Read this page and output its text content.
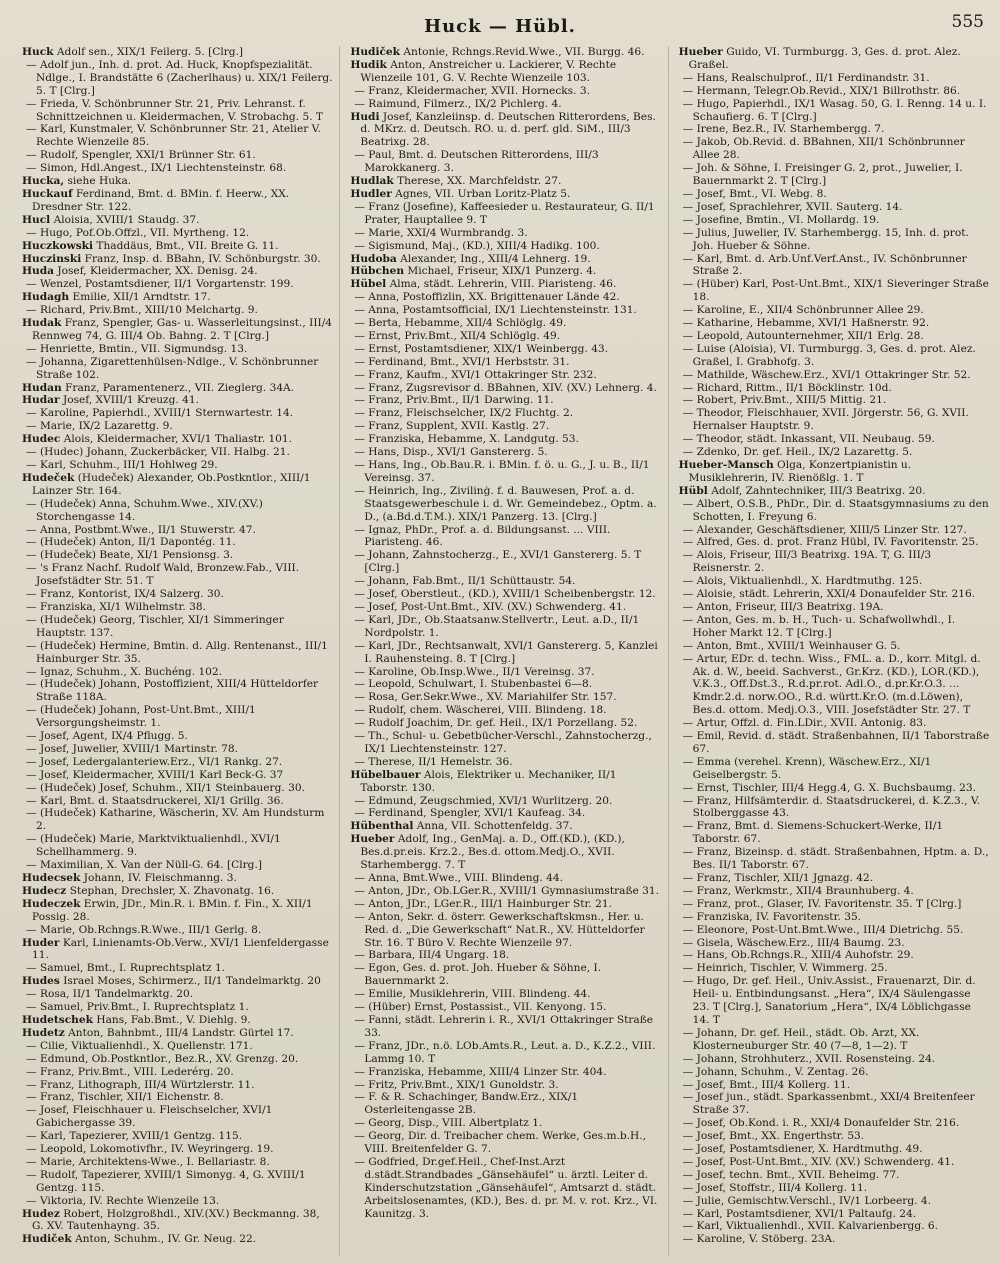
Huck — Hübl.	555

Huck Adolf sen., XIX/1 Feilerg. 5. [Clrg.]

— Adolf jun., Inh. d. prot. Ad. Huck, Knopfspezialität. Ndlge., I. Brandstätte 6 (Zacherlhaus) u. XIX/1 Feilerg. 5. T [Clrg.]

— Frieda, V. Schönbrunner Str. 21, Priv. Lehranst. f. Schnittzeichnen u. Kleidermachen, V. Strobachg. 5. T

— Karl, Kunstmaler, V. Schönbrunner Str. 21, Atelier V. Rechte Wienzeile 85.

— Rudolf, Spengler, XXI/1 Brünner Str. 61.

— Simon, Hdl.Angest., IX/1 Liechtensteinstr. 68.

Hucka, siehe Huka.

Huckauf Ferdinand, Bmt. d. BMin. f. Heerw., XX. Dresdner Str. 122.

Hucl Aloisia, XVIII/1 Staudg. 37.

— Hugo, Pof.Ob.Offzl., VII. Myrtheng. 12.

Huczkowski Thaddäus, Bmt., VII. Breite G. 11.

Huczinski Franz, Insp. d. BBahn, IV. Schönburgstr. 30.

Huda Josef, Kleidermacher, XX. Denisg. 24.

— Wenzel, Postamtsdiener, II/1 Vorgartenstr. 199.

Hudagh Emilie, XII/1 Arndtstr. 17.

— Richard, Priv.Bmt., XIII/10 Melchartg. 9.

Hudak Franz, Spengler, Gas- u. Wasserleitungsinst., III/4 Rennweg 74, G. III/4 Ob. Bahng. 2. T [Clrg.]

— Henriette, Bmtin., VII. Sigmundsg. 13.

— Johanna, Zigarettenhülsen-Ndlge., V. Schönbrunner Straße 102.

Hudan Franz, Paramentenerz., VII. Zieglerg. 34A.

Hudar Josef, XVIII/1 Kreuzg. 41.

— Karoline, Papierhdl., XVIII/1 Sternwartestr. 14.

— Marie, IX/2 Lazarettg. 9.

Hudec Alois, Kleidermacher, XVI/1 Thaliastr. 101.

— (Hudec) Johann, Zuckerbäcker, VII. Halbg. 21.

— Karl, Schuhm., III/1 Hohlweg 29.

Hudeček (Hudeček) Alexander, Ob.Postkntlor., XIII/1 Lainzer Str. 164.

— (Hudeček) Anna, Schuhm.Wwe., XIV.(XV.) Storchengasse 14.

— Anna, Postbmt.Wwe., II/1 Stuwerstr. 47.

— (Hudeček) Anton, II/1 Dapontég. 11.

— (Hudeček) Beate, XI/1 Pensionsg. 3.

— 's Franz Nachf. Rudolf Wald, Bronzew.Fab., VIII. Josefstädter Str. 51. T

— Franz, Kontorist, IX/4 Salzerg. 30.

— Franziska, XI/1 Wilhelmstr. 38.

— (Hudeček) Georg, Tischler, XI/1 Simmeringer Hauptstr. 137.

— (Hudeček) Hermine, Bmtin. d. Allg. Rentenanst., III/1 Hainburger Str. 35.

— Ignaz, Schuhm., X. Buchéng. 102.

— (Hudeček) Johann, Postoffizient, XIII/4 Hütteldorfer Straße 118A.

— (Hudeček) Johann, Post-Unt.Bmt., XIII/1 Versorgungsheimstr. 1.

— Josef, Agent, IX/4 Pflugg. 5.

— Josef, Juwelier, XVIII/1 Martinstr. 78.

— Josef, Ledergalanteriew.Erz., VI/1 Rankg. 27.

— Josef, Kleidermacher, XVIII/1 Karl Beck-G. 37

— (Hudeček) Josef, Schuhm., XII/1 Steinbauerg. 30.

— Karl, Bmt. d. Staatsdruckerei, XI/1 Grillg. 36.

— (Hudeček) Katharine, Wäscherin, XV. Am Hundsturm 2.

— (Hudeček) Marie, Marktviktualienhdl., XVI/1 Schellhammerg. 9.

— Maximilian, X. Van der Nüll-G. 64. [Clrg.]

Hudecsek Johann, IV. Fleischmanng. 3.

Hudecz Stephan, Drechsler, X. Zhavonatg. 16.

Hudeczek Erwin, JDr., Min.R. i. BMin. f. Fin., X. XII/1 Possig. 28.

— Marie, Ob.Rchngs.R.Wwe., III/1 Gerlg. 8.

Huder Karl, Linienamts-Ob.Verw., XVI/1 Lienfeldergasse 11.

— Samuel, Bmt., I. Ruprechtsplatz 1.

Hudes Israel Moses, Schirmerz., II/1 Tandelmarktg. 20

— Rosa, II/1 Tandelmarktg. 20.

— Samuel, Priv.Bmt., I. Ruprechtsplatz 1.

Hudetschek Hans, Fab.Bmt., V. Diehlg. 9.

Hudetz Anton, Bahnbmt., III/4 Landstr. Gürtel 17.

— Cilie, Viktualienhdl., X. Quellenstr. 171.

— Edmund, Ob.Postkntlor., Bez.R., XV. Grenzg. 20.

— Franz, Priv.Bmt., VIII. Lederérg. 20.

— Franz, Lithograph, III/4 Würtzlerstr. 11.

— Franz, Tischler, XII/1 Eichenstr. 8.

— Josef, Fleischhauer u. Fleischselcher, XVI/1 Gabichergasse 39.

— Karl, Tapezierer, XVIII/1 Gentzg. 115.

— Leopold, Lokomotivfhr., IV. Weyringerg. 19.

— Marie, Architektens-Wwe., I. Bellariastr. 8.

— Rudolf, Tapezierer, XVIII/1 Simonyg. 4, G. XVIII/1 Gentzg. 115.

— Viktoria, IV. Rechte Wienzeile 13.

Hudez Robert, Holzgroßhdl., XIV.(XV.) Beckmanng. 38, G. XV. Tautenhayng. 35.

Hudiček Anton, Schuhm., IV. Gr. Neug. 22.

Hudiček Antonie, Rchngs.Revid.Wwe., VII. Burgg. 46.

Hudik Anton, Anstreicher u. Lackierer, V. Rechte Wienzeile 101, G. V. Rechte Wienzeile 103.

— Franz, Kleidermacher, XVII. Hornecks. 3.

— Raimund, Filmerz., IX/2 Pichlerg. 4.

Hudi Josef, Kanzleiinsp. d. Deutschen Ritterordens, Bes. d. MKrz. d. Deutsch. RO. u. d. perf. gld. SiM., III/3 Beatrixg. 28.

— Paul, Bmt. d. Deutschen Ritterordens, III/3 Marokkanerg. 3.

Hudlak Therese, XX. Marchfeldstr. 27.

Hudler Agnes, VII. Urban Loritz-Platz 5.

— Franz (Josefine), Kaffeesieder u. Restaurateur, G. II/1 Prater, Hauptallee 9. T

— Marie, XXI/4 Wurmbrandg. 3.

— Sigismund, Maj., (KD.), XIII/4 Hadikg. 100.

Hudoba Alexander, Ing., XIII/4 Lehnerg. 19.

Hübchen Michael, Friseur, XIX/1 Punzerg. 4.

Hübel Alma, städt. Lehrerin, VIII. Piaristeng. 46.

— Anna, Postoffizlin, XX. Brigittenauer Lände 42.

— Anna, Postamtsofficial, IX/1 Liechtensteinstr. 131.

— Berta, Hebamme, XII/4 Schlöglg. 49.

— Ernst, Priv.Bmt., XII/4 Schlöglg. 49.

— Ernst, Postamtsdiener, XIX/1 Weinbergg. 43.

— Ferdinand, Bmt., XVI/1 Herbststr. 31.

— Franz, Kaufm., XVI/1 Ottakringer Str. 232.

— Franz, Zugsrevisor d. BBahnen, XIV. (XV.) Lehnerg. 4.

— Franz, Priv.Bmt., II/1 Darwing. 11.

— Franz, Fleischselcher, IX/2 Fluchtg. 2.

— Franz, Supplent, XVII. Kastlg. 27.

— Franziska, Hebamme, X. Landgutg. 53.

— Hans, Disp., XVI/1 Ganstererg. 5.

— Hans, Ing., Ob.Bau.R. i. BMin. f. ö. u. G., J. u. B., II/1 Vereinsg. 37.

— Heinrich, Ing., Zivilinġ. f. d. Bauwesen, Prof. a. d. Staatsgewerbeschule i. d. Wr. Gemeindebez., Optm. a. D., (a.Bd.d.T.M.). XIX/1 Panzerg. 13. [Clrg.]

— Ignaz, PhDr., Prof. a. d. Bildungsanst. ... VIII. Piaristeng. 46.

— Johann, Zahnstocherzg., E., XVI/1 Ganstererg. 5. T [Clrg.]

— Johann, Fab.Bmt., II/1 Schüttaustr. 54.

— Josef, Oberstleut., (KD.), XVIII/1 Scheibenbergstr. 12.

— Josef, Post-Unt.Bmt., XIV. (XV.) Schwenderg. 41.

— Karl, JDr., Ob.Staatsanw.Stellvertr., Leut. a.D., II/1 Nordpolstr. 1.

— Karl, JDr., Rechtsanwalt, XVI/1 Ganstererg. 5, Kanzlei I. Rauhensteing. 8. T [Clrg.]

— Karoline, Ob.Insp.Wwe., II/1 Vereinsg. 37.

— Leopold, Schulwart, I. Stubenbastei 6—8.

— Rosa, Ger.Sekr.Wwe., XV. Mariahilfer Str. 157.

— Rudolf, chem. Wäscherei, VIII. Blindeng. 18.

— Rudolf Joachim, Dr. gef. Heil., IX/1 Porzellang. 52.

— Th., Schul- u. Gebetbücher-Verschl., Zahnstocherzg., IX/1 Liechtensteinstr. 127.

— Therese, II/1 Hemelstr. 36.

Hübelbauer Alois, Elektriker u. Mechaniker, II/1 Taborstr. 130.

— Edmund, Zeugschmied, XVI/1 Wurlitzerg. 20.

— Ferdinand, Spengler, XVI/1 Kaufeag. 34.

Hübenthal Anna, VII. Schottenfeldg. 37.

Hueber Adolf, Ing., GenMaj. a. D., Off.(KD.), (KD.), Bes.d.pr.eis. Krz.2., Bes.d. ottom.Medj.O., XVII. Starhembergg. 7. T

— Anna, Bmt.Wwe., VIII. Blindeng. 44.

— Anton, JDr., Ob.LGer.R., XVIII/1 Gymnasiumstraße 31.

— Anton, JDr., LGer.R., III/1 Hainburger Str. 21.

— Anton, Sekr. d. österr. Gewerkschaftskmsn., Her. u. Red. d. „Die Gewerkschaft“ Nat.R., XV. Hütteldorfer Str. 16. T Büro V. Rechte Wienzeile 97.

— Barbara, III/4 Ungarg. 18.

— Egon, Ges. d. prot. Joh. Hueber & Söhne, I. Bauernmarkt 2.

— Emilie, Musiklehrerin, VIII. Blindeng. 44.

— (Hüber) Ernst, Postassist., VII. Kenyong. 15.

— Fanni, städt. Lehrerin i. R., XVI/1 Ottakringer Straße 33.

— Franz, JDr., n.ö. LOb.Amts.R., Leut. a. D., K.Z.2., VIII. Lammg 10. T

— Franziska, Hebamme, XIII/4 Linzer Str. 404.

— Fritz, Priv.Bmt., XIX/1 Gunoldstr. 3.

— F. & R. Schachinger, Bandw.Erz., XIX/1 Osterleitengasse 2B.

— Georg, Disp., VIII. Albertplatz 1.

— Georg, Dir. d. Treibacher chem. Werke, Ges.m.b.H., VIII. Breitenfelder G. 7.

— Godfried, Dr.gef.Heil., Chef-Inst.Arzt d.städt.Strandbades „Gänsehäufel“ u. ärztl. Leiter d. Kinderschutzstation „Gänsehäufel“, Amtsarzt d. städt. Arbeitslosenamtes, (KD.), Bes. d. pr. M. v. rot. Krz., VI. Kaunitzg. 3.

Hueber Guido, VI. Turmburgg. 3, Ges. d. prot. Alez. Graßel.

— Hans, Realschulprof., II/1 Ferdinandstr. 31.

— Hermann, Telegr.Ob.Revid., XIX/1 Billrothstr. 86.

— Hugo, Papierhdl., IX/1 Wasag. 50, G. I. Renng. 14 u. I. Schaufierg. 6. T [Clrg.]

— Irene, Bez.R., IV. Starhembergg. 7.

— Jakob, Ob.Revid. d. BBahnen, XII/1 Schönbrunner Allee 28.

— Joh. & Söhne, I. Freisinger G. 2, prot., Juwelier, I. Bauernmarkt 2. T [Clrg.]

— Josef, Bmt., VI. Webg. 8.

— Josef, Sprachlehrer, XVII. Sauterg. 14.

— Josefine, Bmtin., VI. Mollardg. 19.

— Julius, Juwelier, IV. Starhembergg. 15, Inh. d. prot. Joh. Hueber & Söhne.

— Karl, Bmt. d. Arb.Unf.Verf.Anst., IV. Schönbrunner Straße 2.

— (Hüber) Karl, Post-Unt.Bmt., XIX/1 Sieveringer Straße 18.

— Karoline, E., XII/4 Schönbrunner Allee 29.

— Katharine, Hebamme, XVI/1 Haßnerstr. 92.

— Leopold, Autounternehmer, XII/1 Erlg. 28.

— Luise (Aloisia), VI. Turmburgg. 3, Ges. d. prot. Alez. Graßel, I. Grabhofg. 3.

— Mathilde, Wäschew.Erz., XVI/1 Ottakringer Str. 52.

— Richard, Rittm., II/1 Böcklinstr. 10d.

— Robert, Priv.Bmt., XIII/5 Mittig. 21.

— Theodor, Fleischhauer, XVII. Jörgerstr. 56, G. XVII. Hernalser Hauptstr. 9.

— Theodor, städt. Inkassant, VII. Neubaug. 59.

— Zdenko, Dr. gef. Heil., IX/2 Lazarettg. 5.

Hueber-Mansch Olga, Konzertpianistin u. Musiklehrerin, IV. Rienößlg. 1. T

Hübl Adolf, Zahntechniker, III/3 Beatrixg. 20.

— Albert, O.S.B., PhDr., Dir. d. Staatsgymnasiums zu den Schotten, I. Freyung 6.

— Alexander, Geschäftsdiener, XIII/5 Linzer Str. 127.

— Alfred, Ges. d. prot. Franz Hübl, IV. Favoritenstr. 25.

— Alois, Friseur, III/3 Beatrixg. 19A. T, G. III/3 Reisnerstr. 2.

— Alois, Viktualienhdl., X. Hardtmuthg. 125.

— Aloisie, städt. Lehrerin, XXI/4 Donaufelder Str. 216.

— Anton, Friseur, III/3 Beatrixg. 19A.

— Anton, Ges. m. b. H., Tuch- u. Schafwollwhdl., I. Hoher Markt 12. T [Clrg.]

— Anton, Bmt., XVIII/1 Weinhauser G. 5.

— Artur, EDr. d. techn. Wiss., FML. a. D., korr. Mitgl. d. Ak. d. W., beeid. Sachverst., Gr.Krz. (KD.), LOR.(KD.), V.K.3., Off.Dst.3., R.d.pr.rot. Adl.O., d.pr.Kr.O.3. ... Kmdr.2.d. norw.OO., R.d. württ.Kr.O. (m.d.Löwen), Bes.d. ottom. Medj.O.3., VIII. Josefstädter Str. 27. T

— Artur, Offzl. d. Fin.LDir., XVII. Antonig. 83.

— Emil, Revid. d. städt. Straßenbahnen, II/1 Taborstraße 67.

— Emma (verehel. Krenn), Wäschew.Erz., XI/1 Geiselbergstr. 5.

— Ernst, Tischler, III/4 Hegg.4, G. X. Buchsbaumg. 23.

— Franz, Hilfsämterdir. d. Staatsdruckerei, d. K.Z.3., V. Stolberggasse 43.

— Franz, Bmt. d. Siemens-Schuckert-Werke, II/1 Taborstr. 67.

— Franz, Bizeinsp. d. städt. Straßenbahnen, Hptm. a. D., Bes. II/1 Taborstr. 67.

— Franz, Tischler, XII/1 Jgnazg. 42.

— Franz, Werkmstr., XII/4 Braunhuberg. 4.

— Franz, prot., Glaser, IV. Favoritenstr. 35. T [Clrg.]

— Franziska, IV. Favoritenstr. 35.

— Eleonore, Post-Unt.Bmt.Wwe., III/4 Dietrichg. 55.

— Gisela, Wäschew.Erz., III/4 Baumg. 23.

— Hans, Ob.Rchngs.R., XIII/4 Auhofstr. 29.

— Heinrich, Tischler, V. Wimmerg. 25.

— Hugo, Dr. gef. Heil., Univ.Assist., Frauenarzt, Dir. d. Heil- u. Entbindungsanst. „Hera“, IX/4 Säulengasse 23. T [Clrg.], Sanatorium „Hera“, IX/4 Löblichgasse 14. T

— Johann, Dr. gef. Heil., städt. Ob. Arzt, XX. Klosterneuburger Str. 40 (7—8, 1—2). T

— Johann, Strohhuterz., XVII. Rosensteing. 24.

— Johann, Schuhm., V. Zentag. 26.

— Josef, Bmt., III/4 Kollerg. 11.

— Josef jun., städt. Sparkassenbmt., XXI/4 Breitenfeer Straße 37.

— Josef, Ob.Kond. i. R., XXI/4 Donaufelder Str. 216.

— Josef, Bmt., XX. Engerthstr. 53.

— Josef, Postamtsdiener, X. Hardtmuthg. 49.

— Josef, Post-Unt.Bmt., XIV. (XV.) Schwenderg. 41.

— Josef, techn. Bmt., XVII. Beheimg. 77.

— Josef, Stoffstr., III/4 Kollerg. 11.

— Julie, Gemischtw.Verschl., IV/1 Lorbeerg. 4.

— Karl, Postamtsdiener, XVI/1 Paltaufg. 24.

— Karl, Viktualienhdl., XVII. Kalvarienbergg. 6.

— Karoline, V. Stöberg. 23A.
